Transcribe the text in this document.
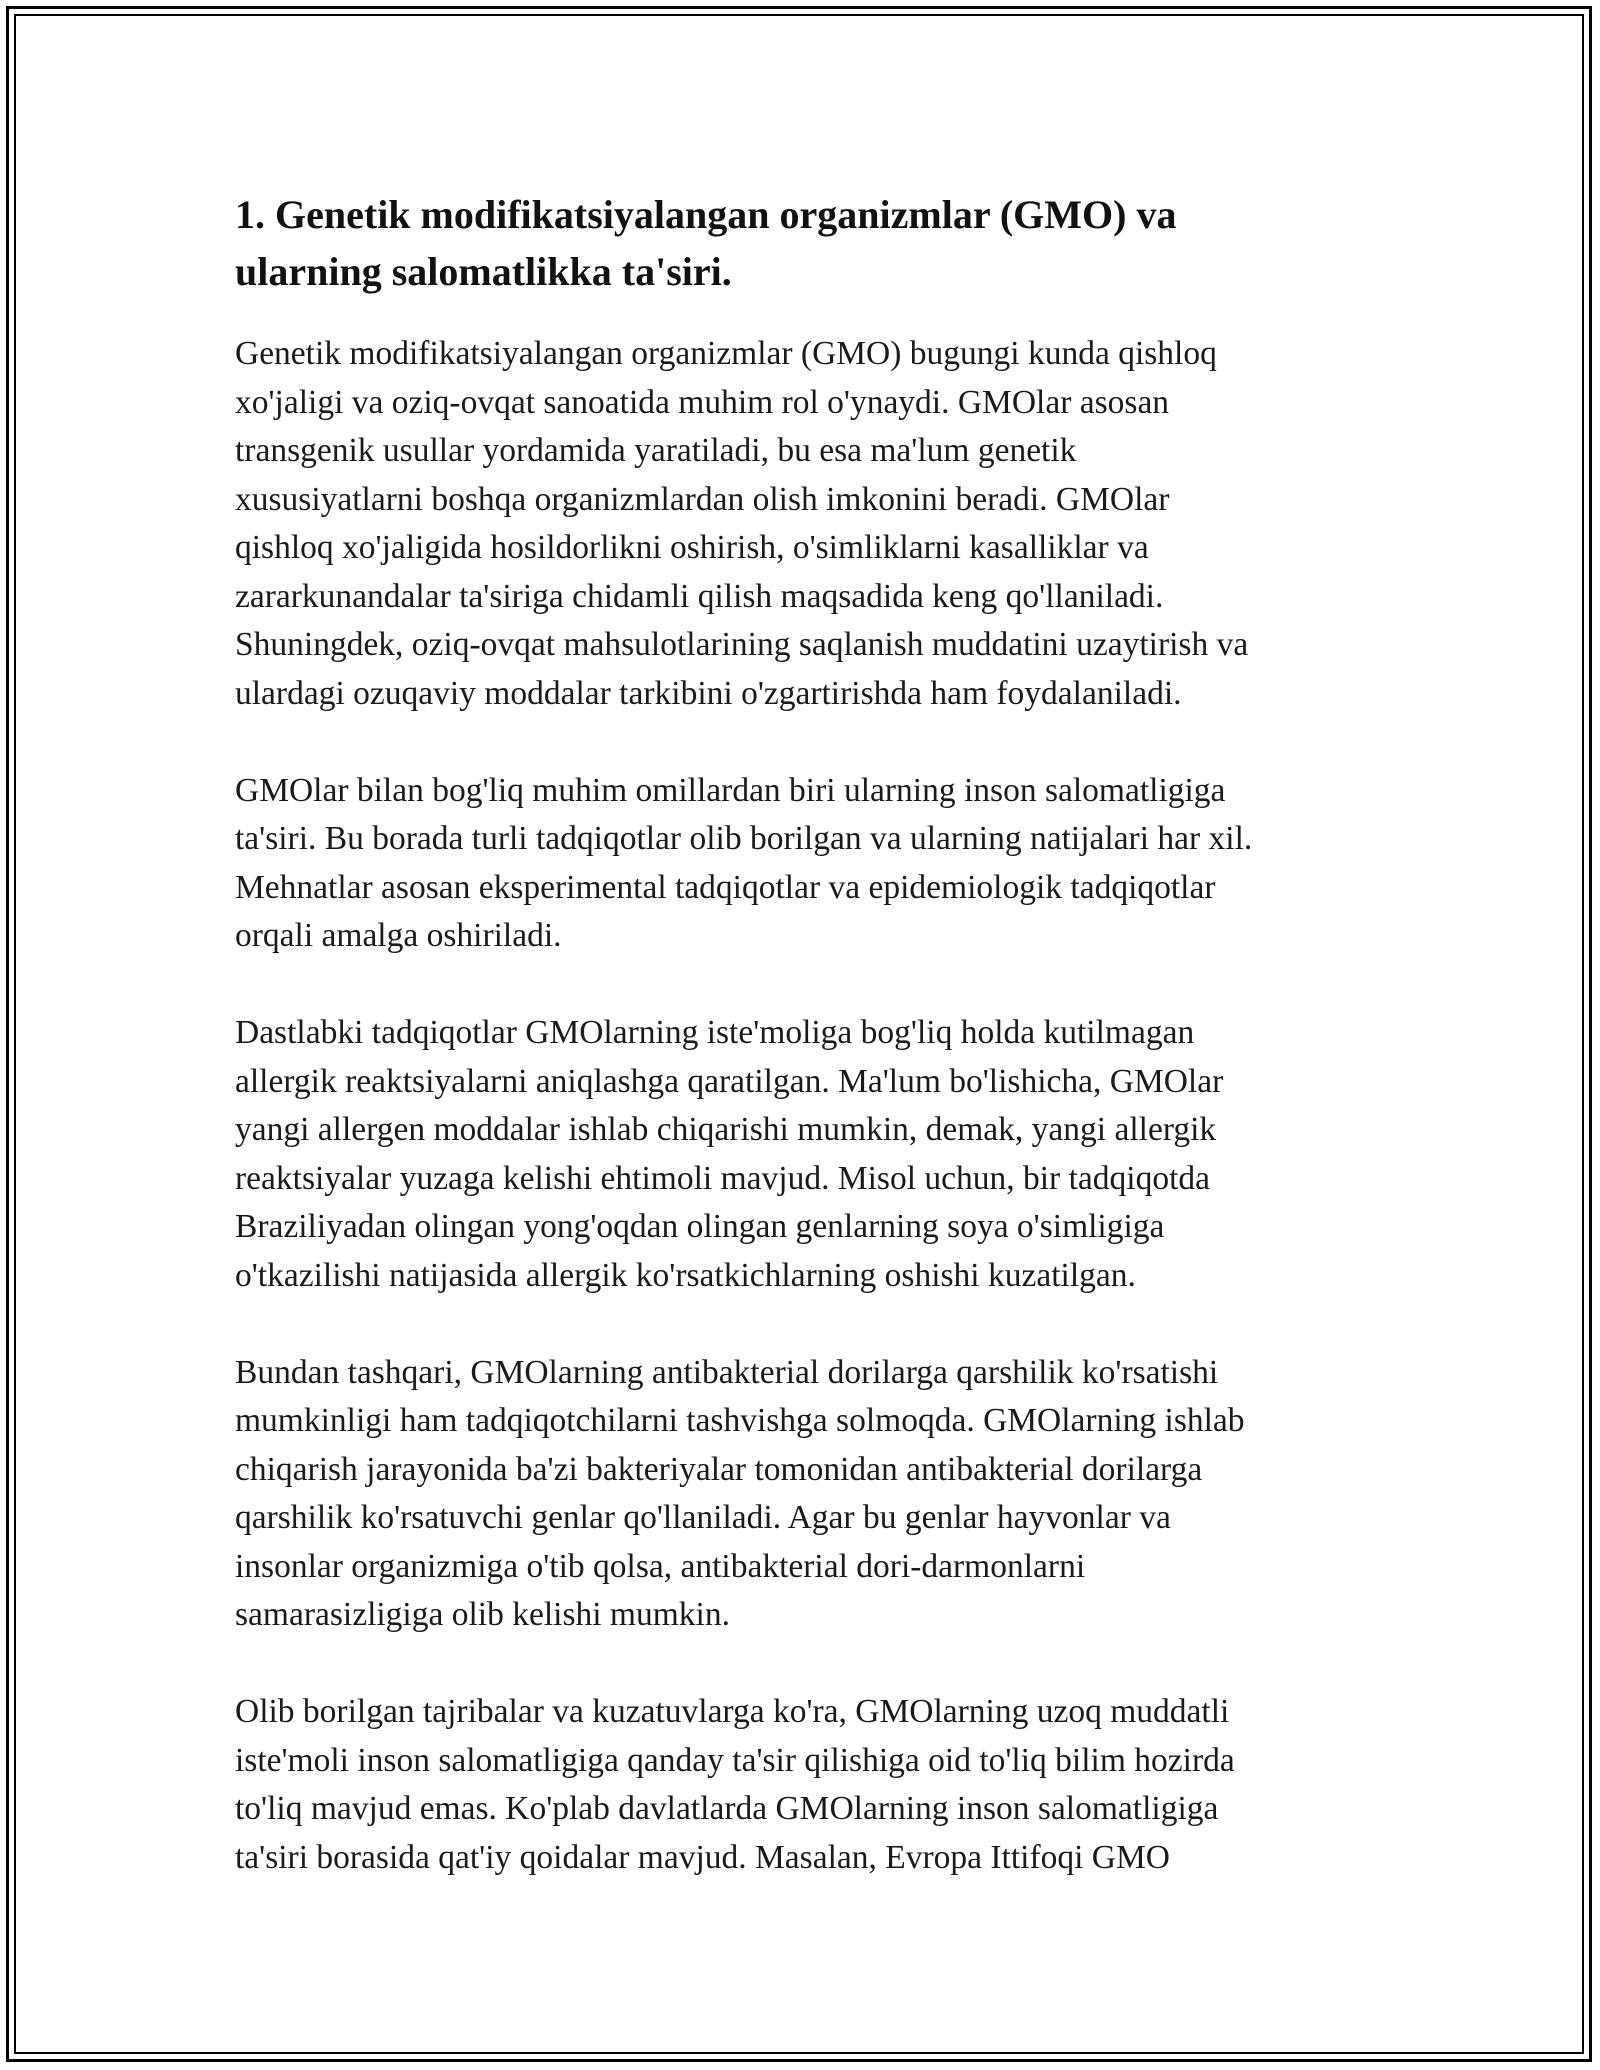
1. Genetik modifikatsiyalangan organizmlar (GMO) va
ularning salomatlikka ta'siri.

Genetik modifikatsiyalangan organizmlar (GMO) bugungi kunda qishloq
xo'jaligi va oziq-ovqat sanoatida muhim rol o'ynaydi. GMOlar asosan
transgenik usullar yordamida yaratiladi, bu esa ma'lum genetik
xususiyatlarni boshqa organizmlardan olish imkonini beradi. GMOlar
qishloq xo'jaligida hosildorlikni oshirish, o'simliklarni kasalliklar va
zararkunandalar ta'siriga chidamli qilish maqsadida keng qo'llaniladi.
Shuningdek, oziq-ovqat mahsulotlarining saqlanish muddatini uzaytirish va
ulardagi ozuqaviy moddalar tarkibini o'zgartirishda ham foydalaniladi.

GMOlar bilan bog'liq muhim omillardan biri ularning inson salomatligiga
ta'siri. Bu borada turli tadqiqotlar olib borilgan va ularning natijalari har xil.
Mehnatlar asosan eksperimental tadqiqotlar va epidemiologik tadqiqotlar
orqali amalga oshiriladi.

Dastlabki tadqiqotlar GMOlarning iste'moliga bog'liq holda kutilmagan
allergik reaktsiyalarni aniqlashga qaratilgan. Ma'lum bo'lishicha, GMOlar
yangi allergen moddalar ishlab chiqarishi mumkin, demak, yangi allergik
reaktsiyalar yuzaga kelishi ehtimoli mavjud. Misol uchun, bir tadqiqotda
Braziliyadan olingan yong'oqdan olingan genlarning soya o'simligiga
o'tkazilishi natijasida allergik ko'rsatkichlarning oshishi kuzatilgan.

Bundan tashqari, GMOlarning antibakterial dorilarga qarshilik ko'rsatishi
mumkinligi ham tadqiqotchilarni tashvishga solmoqda. GMOlarning ishlab
chiqarish jarayonida ba'zi bakteriyalar tomonidan antibakterial dorilarga
qarshilik ko'rsatuvchi genlar qo'llaniladi. Agar bu genlar hayvonlar va
insonlar organizmiga o'tib qolsa, antibakterial dori-darmonlarni
samarasizligiga olib kelishi mumkin.

Olib borilgan tajribalar va kuzatuvlarga ko'ra, GMOlarning uzoq muddatli
iste'moli inson salomatligiga qanday ta'sir qilishiga oid to'liq bilim hozirda
to'liq mavjud emas. Ko'plab davlatlarda GMOlarning inson salomatligiga
ta'siri borasida qat'iy qoidalar mavjud. Masalan, Evropa Ittifoqi GMO
